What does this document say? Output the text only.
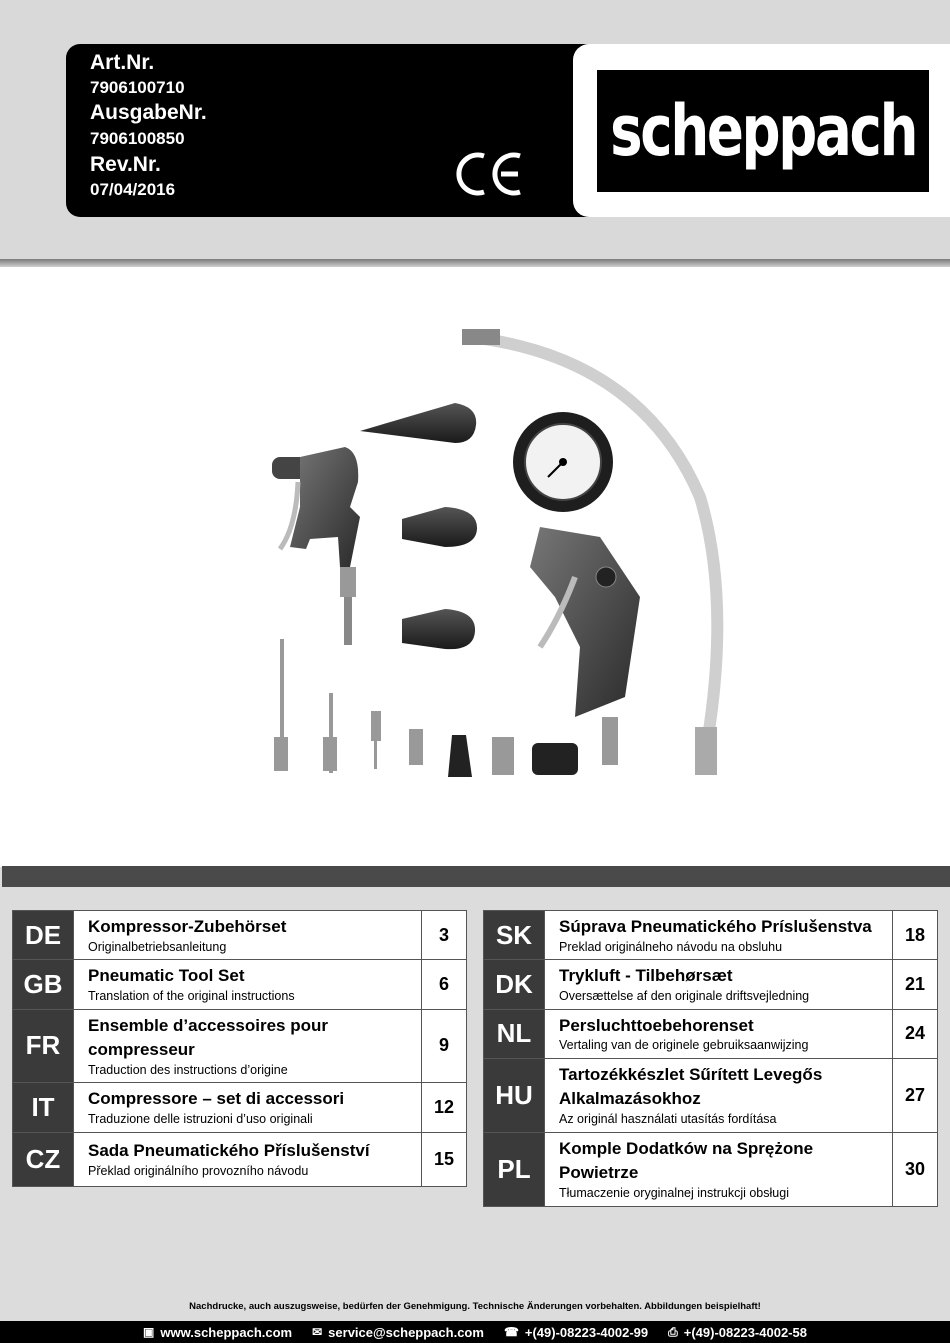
Art.Nr.
7906100710
AusgabeNr.
7906100850
Rev.Nr.
07/04/2016
scheppach
DE	Kompressor-Zubehörset
Originalbetriebsanleitung	3
GB	Pneumatic Tool Set
Translation of the original instructions	6
FR	Ensemble d’accessoires pour compresseur
Traduction des instructions d’origine	9
IT	Compressore – set di accessori
Traduzione delle istruzioni d’uso originali	12
CZ	Sada Pneumatického Příslušenství
Překlad originálního provozního návodu	15
SK	Súprava Pneumatického Príslušenstva
Preklad originálneho návodu na obsluhu	18
DK	Trykluft - Tilbehørsæt
Oversættelse af den originale driftsvejledning	21
NL	Persluchttoebehorenset
Vertaling van de originele gebruiksaanwijzing	24
HU	Tartozékkészlet Sűrített Levegős Alkalmazásokhoz
Az originál használati utasítás fordítása	27
PL	Komple Dodatków na Sprężone Powietrze
Tłumaczenie oryginalnej instrukcji obsługi	30
Nachdrucke, auch auszugsweise, bedürfen der Genehmigung. Technische Änderungen vorbehalten. Abbildungen beispielhaft!
▣ www.scheppach.com ✉ service@scheppach.com ☎ +(49)-08223-4002-99 ⎙ +(49)-08223-4002-58
